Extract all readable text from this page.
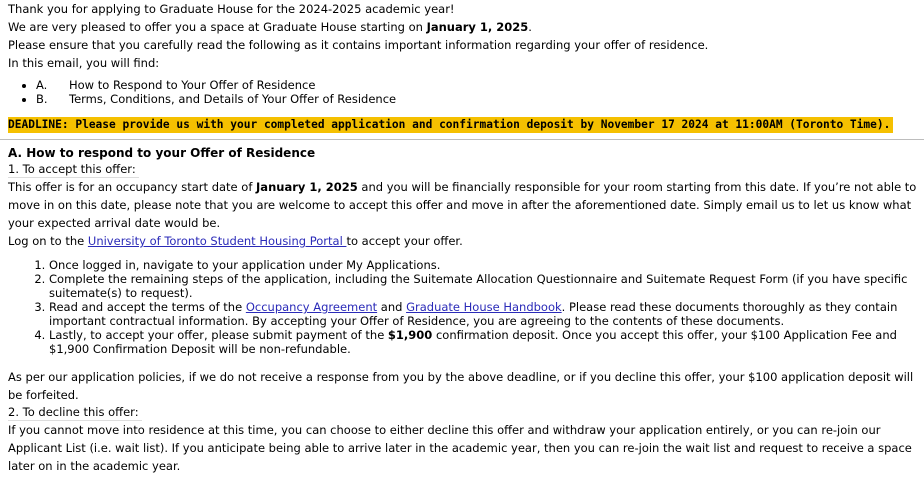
Thank you for applying to Graduate House for the 2024-2025 academic year!

We are very pleased to offer you a space at Graduate House starting on January 1, 2025.

Please ensure that you carefully read the following as it contains important information regarding your offer of residence.

In this email, you will find:

• A. How to Respond to Your Offer of Residence
• B. Terms, Conditions, and Details of Your Offer of Residence
DEADLINE: Please provide us with your completed application and confirmation deposit by November 17 2024 at 11:00AM (Toronto Time).
A. How to respond to your Offer of Residence
1. To accept this offer:

This offer is for an occupancy start date of January 1, 2025 and you will be financially responsible for your room starting from this date. If you’re not able to move in on this date, please note that you are welcome to accept this offer and move in after the aforementioned date. Simply email us to let us know what your expected arrival date would be.

Log on to the University of Toronto Student Housing Portal to accept your offer.

1. Once logged in, navigate to your application under My Applications.
2. Complete the remaining steps of the application, including the Suitemate Allocation Questionnaire and Suitemate Request Form (if you have specific suitemate(s) to request).
3. Read and accept the terms of the Occupancy Agreement and Graduate House Handbook. Please read these documents thoroughly as they contain important contractual information. By accepting your Offer of Residence, you are agreeing to the contents of these documents.
4. Lastly, to accept your offer, please submit payment of the $1,900 confirmation deposit. Once you accept this offer, your $100 Application Fee and $1,900 Confirmation Deposit will be non-refundable.

As per our application policies, if we do not receive a response from you by the above deadline, or if you decline this offer, your $100 application deposit will be forfeited.

2. To decline this offer:

If you cannot move into residence at this time, you can choose to either decline this offer and withdraw your application entirely, or you can re-join our Applicant List (i.e. wait list). If you anticipate being able to arrive later in the academic year, then you can re-join the wait list and request to receive a space later on in the academic year.
